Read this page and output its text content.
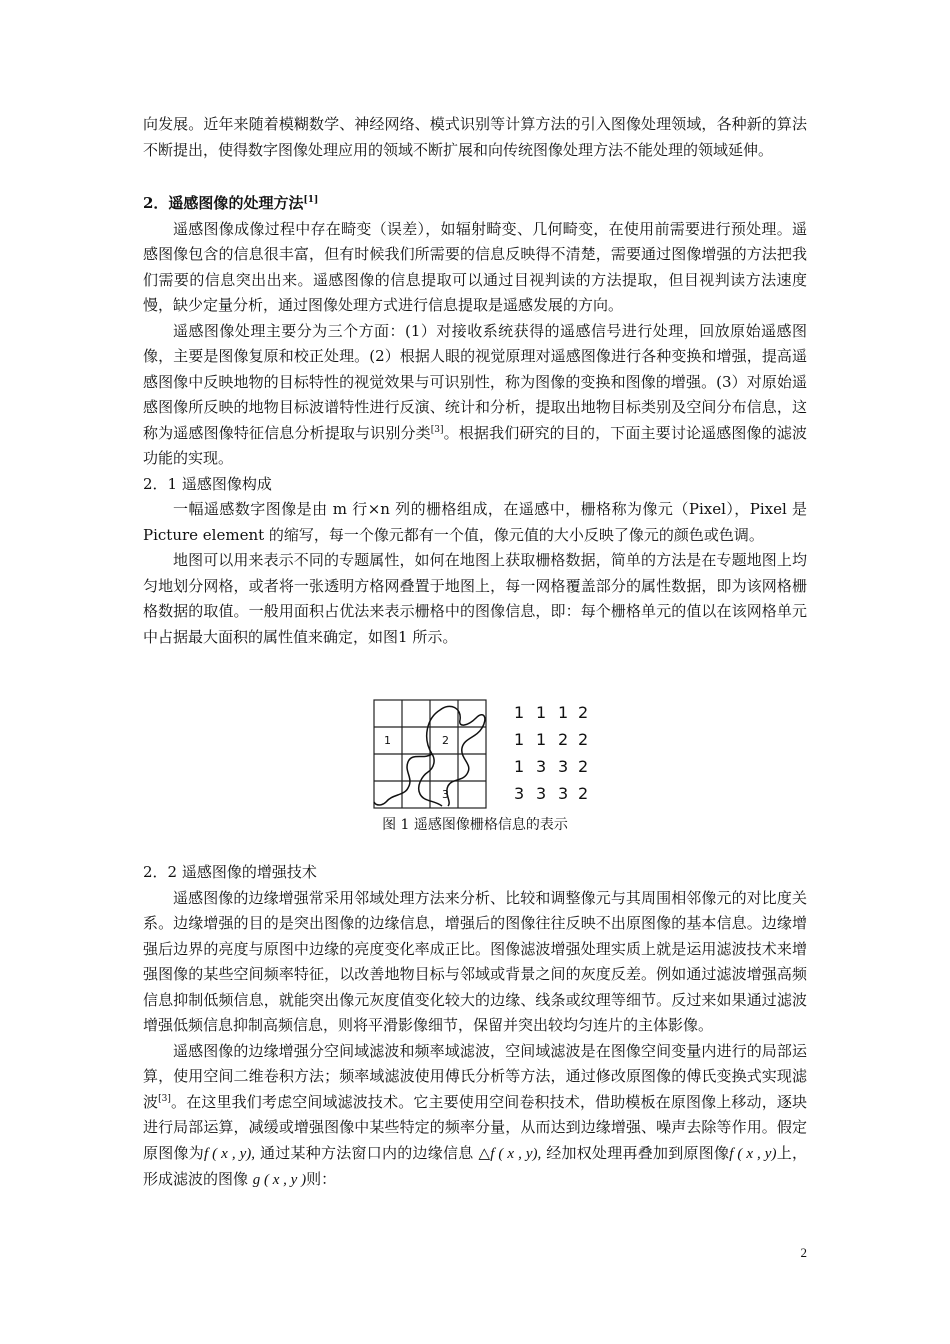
向发展。近年来随着模糊数学、神经网络、模式识别等计算方法的引入图像处理领域，各种新的算法不断提出，使得数字图像处理应用的领域不断扩展和向传统图像处理方法不能处理的领域延伸。

2．遥感图像的处理方法[1]

遥感图像成像过程中存在畸变（误差），如辐射畸变、几何畸变，在使用前需要进行预处理。遥感图像包含的信息很丰富，但有时候我们所需要的信息反映得不清楚，需要通过图像增强的方法把我们需要的信息突出出来。遥感图像的信息提取可以通过目视判读的方法提取，但目视判读方法速度慢，缺少定量分析，通过图像处理方式进行信息提取是遥感发展的方向。

遥感图像处理主要分为三个方面：(1）对接收系统获得的遥感信号进行处理，回放原始遥感图像，主要是图像复原和校正处理。(2）根据人眼的视觉原理对遥感图像进行各种变换和增强，提高遥感图像中反映地物的目标特性的视觉效果与可识别性，称为图像的变换和图像的增强。(3）对原始遥感图像所反映的地物目标波谱特性进行反演、统计和分析，提取出地物目标类别及空间分布信息，这称为遥感图像特征信息分析提取与识别分类[3]。根据我们研究的目的，下面主要讨论遥感图像的滤波功能的实现。

2．1 遥感图像构成

一幅遥感数字图像是由 m 行×n 列的栅格组成，在遥感中，栅格称为像元（Pixel），Pixel 是 Picture element 的缩写，每一个像元都有一个值，像元值的大小反映了像元的颜色或色调。

地图可以用来表示不同的专题属性，如何在地图上获取栅格数据，简单的方法是在专题地图上均匀地划分网格，或者将一张透明方格网叠置于地图上，每一网格覆盖部分的属性数据，即为该网格栅格数据的取值。一般用面积占优法来表示栅格中的图像信息，即：每个栅格单元的值以在该网格单元中占据最大面积的属性值来确定，如图1 所示。

1	2
3
1 1 1 2
1 1 2 2
1 3 3 2
3 3 3 2
图 1 遥感图像栅格信息的表示

2．2 遥感图像的增强技术

遥感图像的边缘增强常采用邻域处理方法来分析、比较和调整像元与其周围相邻像元的对比度关系。边缘增强的目的是突出图像的边缘信息，增强后的图像往往反映不出原图像的基本信息。边缘增强后边界的亮度与原图中边缘的亮度变化率成正比。图像滤波增强处理实质上就是运用滤波技术来增强图像的某些空间频率特征，以改善地物目标与邻域或背景之间的灰度反差。例如通过滤波增强高频信息抑制低频信息，就能突出像元灰度值变化较大的边缘、线条或纹理等细节。反过来如果通过滤波增强低频信息抑制高频信息，则将平滑影像细节，保留并突出较均匀连片的主体影像。

遥感图像的边缘增强分空间域滤波和频率域滤波，空间域滤波是在图像空间变量内进行的局部运算，使用空间二维卷积方法；频率域滤波使用傅氏分析等方法，通过修改原图像的傅氏变换式实现滤波[3]。在这里我们考虑空间域滤波技术。它主要使用空间卷积技术，借助模板在原图像上移动，逐块进行局部运算，减缓或增强图像中某些特定的频率分量，从而达到边缘增强、噪声去除等作用。假定原图像为f ( x , y), 通过某种方法窗口内的边缘信息 △f ( x , y), 经加权处理再叠加到原图像f ( x , y)上，形成滤波的图像 g ( x , y )则：

2
